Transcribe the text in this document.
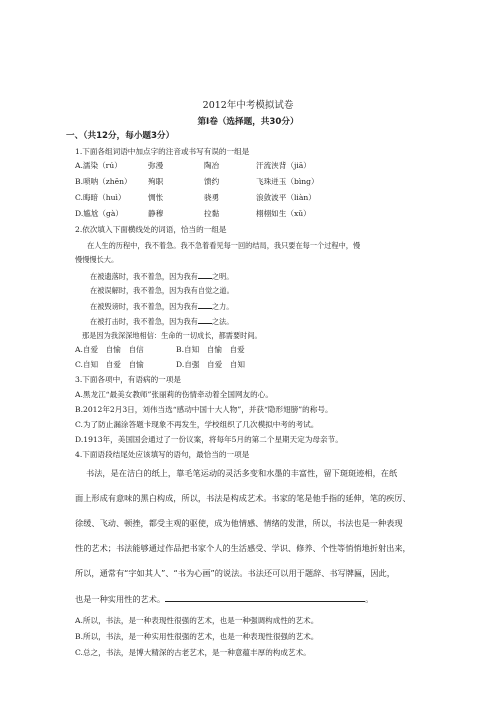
2012年中考模拟试卷
第Ⅰ卷（选择题，共30分）
一、（共12分，每小题3分）
1.下面各组词语中加点字的注音或书写有误的一组是
A.濡染（rú）	弥漫	陶冶	汗流浃背（jiā）
B.唢呐（zhēn） 殉职	馈约	飞珠迸玉（bìng）
C.晦暗（huì）	惆怅	骁勇	浪敛波平（liàn）
D.尴尬（gà）	静穆	拉黏	栩栩如生（xǔ）
2.依次填入下面横线处的词语，恰当的一组是
在人生的历程中，我不着急。我不急着看见每一回的结局，我只要在每一个过程中，慢
慢慢慢长大。
在被遗落时，我不着急，因为我有 之明。
在被误解时，我不着急，因为我有自觉之道。
在被毁谤时，我不着急，因为我有 之力。
在被打击时，我不着急，因为我有 之法。
那是因为我深深地相信：生命的一切成长，都需要时间。
A.自爱　自愉　自信	B.自知　自愉　自爱
C.自知　自爱　自愉	D.自强　自爱　自知
3.下面各项中，有语病的一项是
A.黑龙江“最美女教师”张丽莉的伤情牵动着全国网友的心。
B.2012年2月3日，刘伟当选“感动中国十大人物”，并获“隐形翅膀”的称号。
C.为了防止漏涂答题卡现象不再发生，学校组织了几次模拟中考的考试。
D.1913年，美国国会通过了一份议案，将每年5月的第二个星期天定为母亲节。
4.下面语段结尾处应该填写的语句，最恰当的一项是
书法，是在洁白的纸上，靠毛笔运动的灵活多变和水墨的丰富性，留下斑斑迹相，在纸
面上形成有意味的黑白构成，所以，书法是构成艺术。书家的笔是他手指的延伸，笔的疾厉、
徐缓、飞动、顿挫，都受主观的驱使，成为他情感、情绪的发泄，所以，书法也是一种表现
性的艺术；书法能够通过作品把书家个人的生活感受、学识、修养、个性等悄悄地折射出来，
所以，通常有“字如其人”、“书为心画”的说法。书法还可以用于题辞、书写牌匾，因此，
也是一种实用性的艺术。	。
A.所以，书法，是一种表现性很强的艺术，也是一种强调构成性的艺术。
B.所以，书法，是一种实用性很强的艺术，也是一种表现性很强的艺术。
C.总之，书法，是博大精深的古老艺术，是一种意蕴丰厚的构成艺术。
